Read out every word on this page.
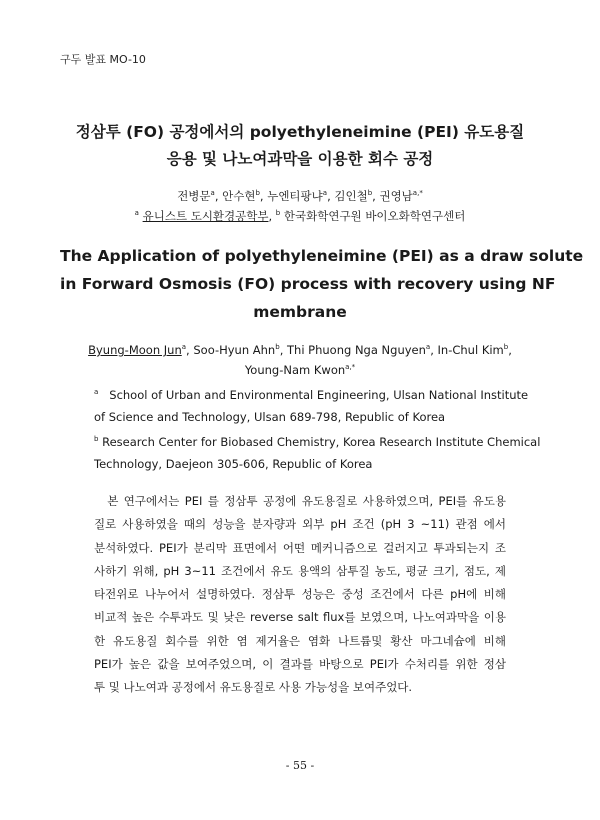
구두 발표 MO-10
정삼투 (FO) 공정에서의 polyethyleneimine (PEI) 유도용질
응용 및 나노여과막을 이용한 회수 공정
전병문$^a$, 안수현$^b$, 누엔티팡냐$^a$, 김인철$^b$, 권영남$^{a,*}$
$^a$ 유니스트 도시환경공학부, $^b$ 한국화학연구원 바이오화학연구센터
The Application of polyethyleneimine (PEI) as a draw solute
in Forward Osmosis (FO) process with recovery using NF
membrane
Byung-Moon Jun$^a$, Soo-Hyun Ahn$^b$, Thi Phuong Nga Nguyen$^a$, In-Chul Kim$^b$,
Young-Nam Kwon$^{a,*}$
$^a$ School of Urban and Environmental Engineering, Ulsan National Institute
of Science and Technology, Ulsan 689-798, Republic of Korea
$^b$ Research Center for Biobased Chemistry, Korea Research Institute Chemical
Technology, Daejeon 305-606, Republic of Korea
　본 연구에서는 PEI 를 정삼투 공정에 유도용질로 사용하였으며, PEI를 유도용
질로 사용하였을 때의 성능을 분자량과 외부 pH 조건 (pH 3 ~11) 관점 에서
분석하였다. PEI가 분리막 표면에서 어떤 메커니즘으로 걸러지고 투과되는지 조
사하기 위해, pH 3~11 조건에서 유도 용액의 삼투질 농도, 평균 크기, 점도, 제
타전위로 나누어서 설명하였다. 정삼투 성능은 중성 조건에서 다른 pH에 비해
비교적 높은 수투과도 및 낮은 reverse salt flux를 보였으며, 나노여과막을 이용
한 유도용질 회수를 위한 염 제거율은 염화 나트륨및 황산 마그네슘에 비해
PEI가 높은 값을 보여주었으며, 이 결과를 바탕으로 PEI가 수처리를 위한 정삼
투 및 나노여과 공정에서 유도용질로 사용 가능성을 보여주었다.
- 55 -
